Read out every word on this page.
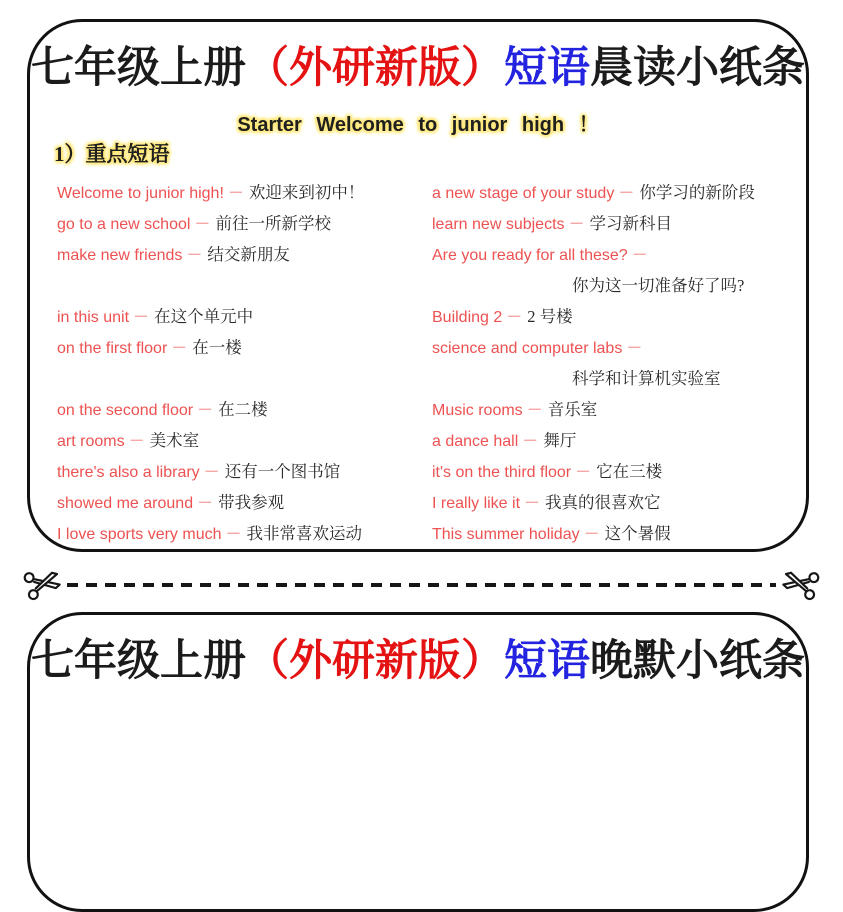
七年级上册（外研新版）短语晨读小纸条
Starter Welcome to junior high ！
1）重点短语
Welcome to junior high! － 欢迎来到初中！
go to a new school － 前往一所新学校
make new friends － 结交新朋友
in this unit － 在这个单元中
on the first floor － 在一楼
on the second floor － 在二楼
art rooms － 美术室
there's also a library － 还有一个图书馆
showed me around － 带我参观
I love sports very much － 我非常喜欢运动
a new stage of your study － 你学习的新阶段
learn new subjects － 学习新科目
Are you ready for all these? －
你为这一切准备好了吗?
Building 2 － 2 号楼
science and computer labs －
科学和计算机实验室
Music rooms － 音乐室
a dance hall － 舞厅
it's on the third floor － 它在三楼
I really like it － 我真的很喜欢它
This summer holiday － 这个暑假
七年级上册（外研新版）短语晚默小纸条
